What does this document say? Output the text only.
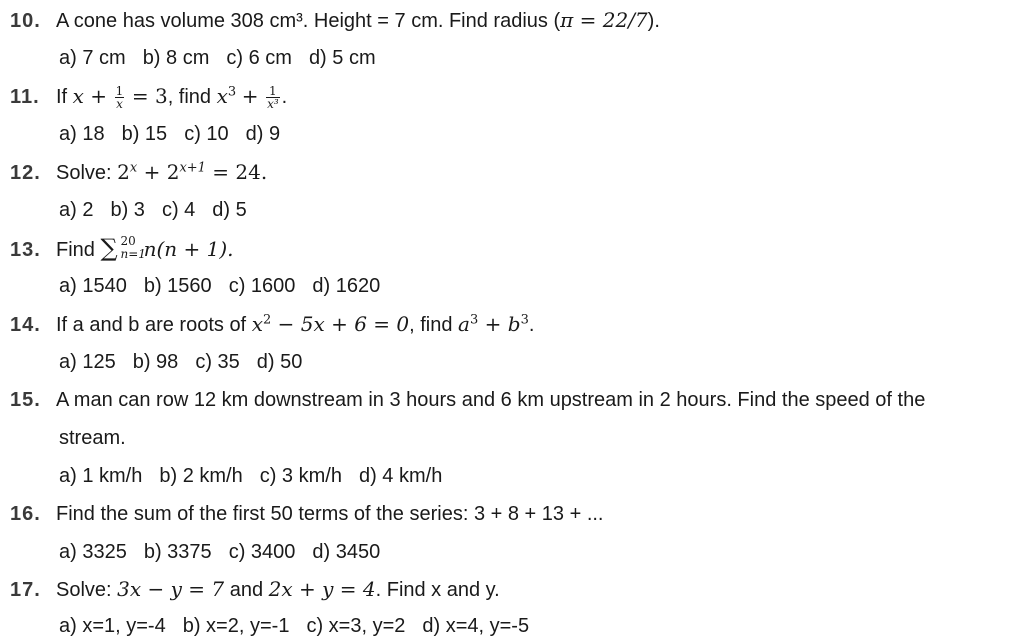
10. A cone has volume 308 cm³. Height = 7 cm. Find radius (π = 22/7).
a) 7 cm b) 8 cm c) 6 cm d) 5 cm
11. If $x + \frac{1}{x} = 3$, find $x^3 + \frac{1}{\text{x³}}$ .
a) 18 b) 15 c) 10 d) 9
12. Solve: $2^x + 2^{x+1} = 24$.
a) 2 b) 3 c) 4 d) 5
13. Find ∑ 20
n=1
n(n + 1).
a) 1540 b) 1560 c) 1600 d) 1620
14. If a and b are roots of $x^2 - 5x + 6 = 0$, find $a^3 + b^3$.
a) 125 b) 98 c) 35 d) 50
15. A man can row 12 km downstream in 3 hours and 6 km upstream in 2 hours. Find the speed of the
stream.
a) 1 km/h b) 2 km/h c) 3 km/h d) 4 km/h
16. Find the sum of the first 50 terms of the series: 3 + 8 + 13 + ...
a) 3325 b) 3375 c) 3400 d) 3450
17. Solve: 3x − y = 7 and 2x + y = 4. Find x and y.
a) x=1, y=-4 b) x=2, y=-1 c) x=3, y=2 d) x=4, y=-5
